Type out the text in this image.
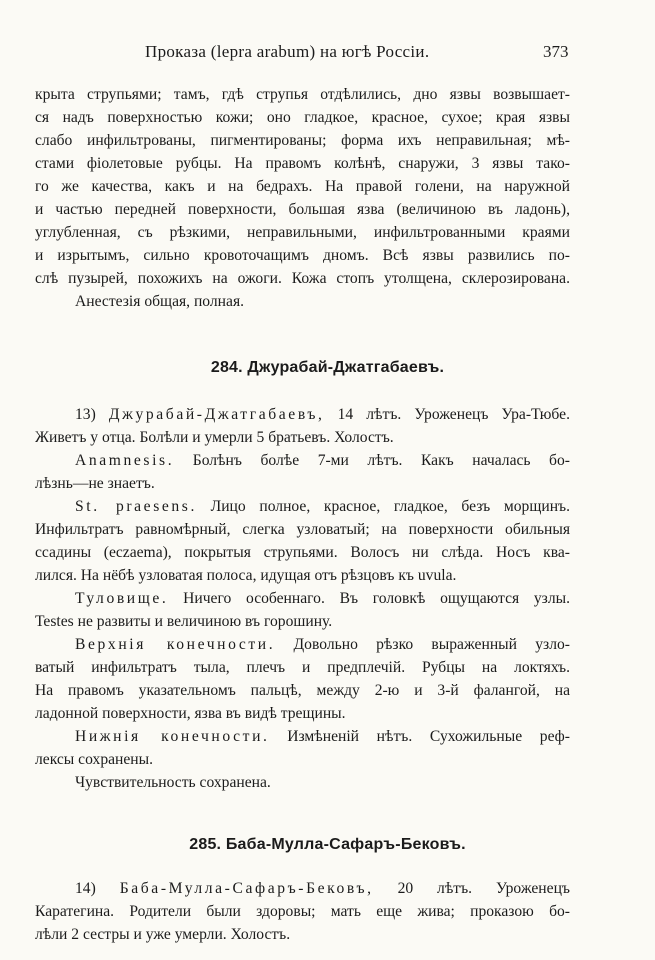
Проказа (lepra arabum) на югѣ Россіи.	373
крыта струпьями; тамъ, гдѣ струпья отдѣлились, дно язвы возвышает-
ся надъ поверхностью кожи; оно гладкое, красное, сухое; края язвы
слабо инфильтрованы, пигментированы; форма ихъ неправильная; мѣ-
стами фіолетовые рубцы. На правомъ колѣнѣ, снаружи, 3 язвы тако-
го же качества, какъ и на бедрахъ. На правой голени, на наружной
и частью передней поверхности, большая язва (величиною въ ладонь),
углубленная, съ рѣзкими, неправильными, инфильтрованными краями
и изрытымъ, сильно кровоточащимъ дномъ. Всѣ язвы развились по-
слѣ пузырей, похожихъ на ожоги. Кожа стопъ утолщена, склерозирована.
Анестезія общая, полная.
284. Джурабай-Джатгабаевъ.
13) Джурабай-Джатгабаевъ, 14 лѣтъ. Уроженецъ Ура-Тюбе.
Живетъ у отца. Болѣли и умерли 5 братьевъ. Холостъ.
Anamnesis. Болѣнъ болѣе 7-ми лѣтъ. Какъ началась бо-
лѣзнь—не знаетъ.
St. praesens. Лицо полное, красное, гладкое, безъ морщинъ.
Инфильтратъ равномѣрный, слегка узловатый; на поверхности обильныя
ссадины (eczaema), покрытыя струпьями. Волосъ ни слѣда. Носъ ква-
лился. На нёбѣ узловатая полоса, идущая отъ рѣзцовъ къ uvula.
Туловище. Ничего особеннаго. Въ головкѣ ощущаются узлы.
Testes не развиты и величиною въ горошину.
Верхнія конечности. Довольно рѣзко выраженный узло-
ватый инфильтратъ тыла, плечъ и предплечій. Рубцы на локтяхъ.
На правомъ указательномъ пальцѣ, между 2-ю и 3-й фалангой, на
ладонной поверхности, язва въ видѣ трещины.
Нижнія конечности. Измѣненій нѣтъ. Сухожильные реф-
лексы сохранены.
Чувствительность сохранена.
285. Баба-Мулла-Сафаръ-Бековъ.
14) Баба-Мулла-Сафаръ-Бековъ, 20 лѣтъ. Уроженецъ
Каратегина. Родители были здоровы; мать еще жива; проказою бо-
лѣли 2 сестры и уже умерли. Холостъ.
